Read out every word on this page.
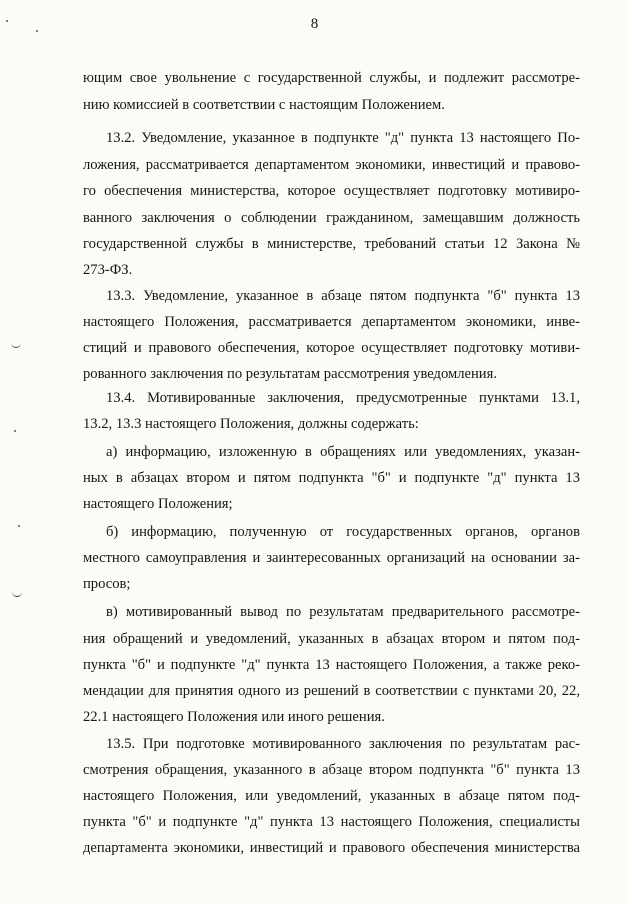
8
ющим свое увольнение с государственной службы, и подлежит рассмотре-
нию комиссией в соответствии с настоящим Положением.
13.2. Уведомление, указанное в подпункте "д" пункта 13 настоящего По-
ложения, рассматривается департаментом экономики, инвестиций и правово-
го обеспечения министерства, которое осуществляет подготовку мотивиро-
ванного заключения о соблюдении гражданином, замещавшим должность
государственной службы в министерстве, требований статьи 12 Закона №
273-ФЗ.
13.3. Уведомление, указанное в абзаце пятом подпункта "б" пункта 13
настоящего Положения, рассматривается департаментом экономики, инве-
стиций и правового обеспечения, которое осуществляет подготовку мотиви-
рованного заключения по результатам рассмотрения уведомления.
13.4. Мотивированные заключения, предусмотренные пунктами 13.1,
13.2, 13.3 настоящего Положения, должны содержать:
а) информацию, изложенную в обращениях или уведомлениях, указан-
ных в абзацах втором и пятом подпункта "б" и подпункте "д" пункта 13
настоящего Положения;
б) информацию, полученную от государственных органов, органов
местного самоуправления и заинтересованных организаций на основании за-
просов;
в) мотивированный вывод по результатам предварительного рассмотре-
ния обращений и уведомлений, указанных в абзацах втором и пятом под-
пункта "б" и подпункте "д" пункта 13 настоящего Положения, а также реко-
мендации для принятия одного из решений в соответствии с пунктами 20, 22,
22.1 настоящего Положения или иного решения.
13.5. При подготовке мотивированного заключения по результатам рас-
смотрения обращения, указанного в абзаце втором подпункта "б" пункта 13
настоящего Положения, или уведомлений, указанных в абзаце пятом под-
пункта "б" и подпункте "д" пункта 13 настоящего Положения, специалисты
департамента экономики, инвестиций и правового обеспечения министерства
